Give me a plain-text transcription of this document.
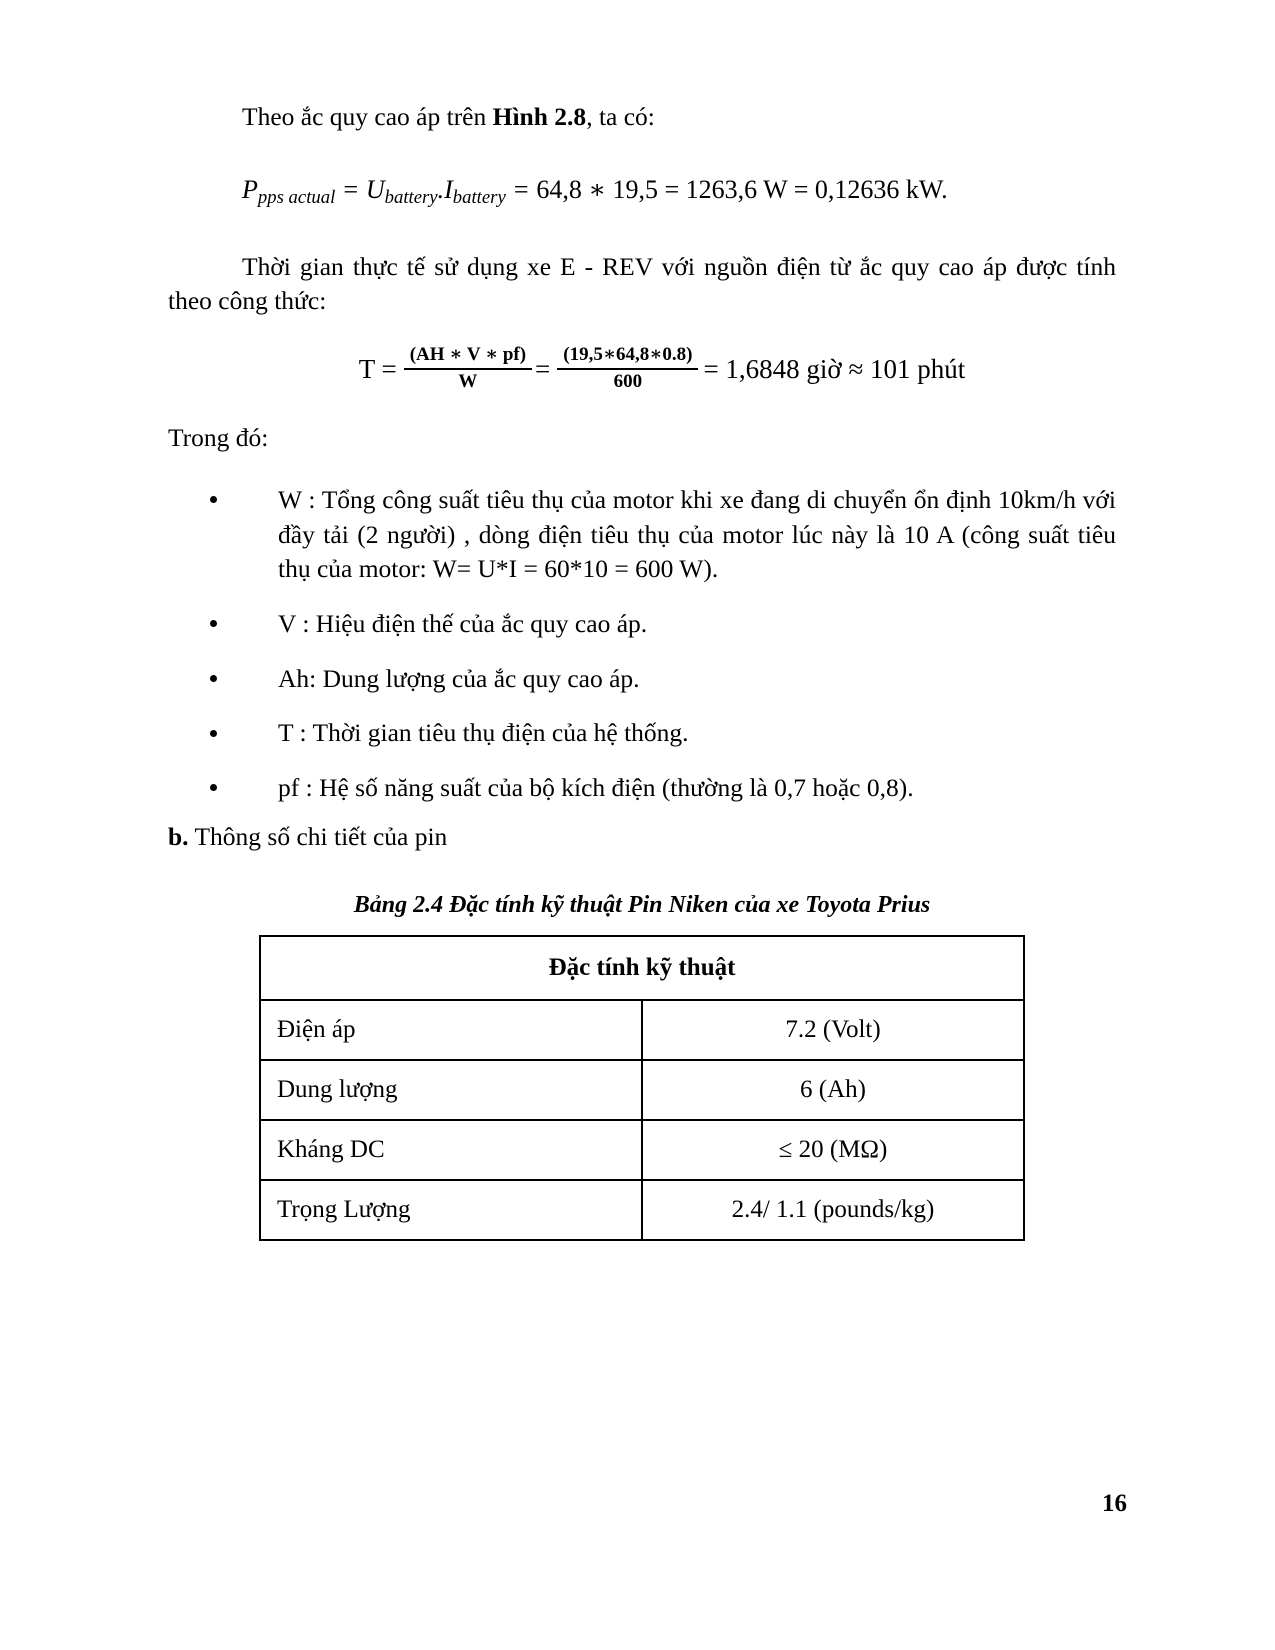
Theo ắc quy cao áp trên Hình 2.8, ta có:

$P_{pps actual} = U_{battery}.I_{battery} = 64,8$ ∗ 19,5 = 1263,6 W = 0,12636 kW.

Thời gian thực tế sử dụng xe E - REV với nguồn điện từ ắc quy cao áp được tính theo công thức:

$T = \frac{(AH ∗ V ∗ pf)}{W} = \frac{(19,5∗64,8∗0.8)}{600} = 1,6848$ giờ ≈ 101 phút

Trong đó:

W : Tổng công suất tiêu thụ của motor khi xe đang di chuyển ổn định 10km/h với đầy tải (2 người) , dòng điện tiêu thụ của motor lúc này là 10 A (công suất tiêu thụ của motor: W= U*I = 60*10 = 600 W).
V : Hiệu điện thế của ắc quy cao áp.
Ah: Dung lượng của ắc quy cao áp.
T : Thời gian tiêu thụ điện của hệ thống.
pf : Hệ số năng suất của bộ kích điện (thường là 0,7 hoặc 0,8).

b. Thông số chi tiết của pin

Bảng 2.4 Đặc tính kỹ thuật Pin Niken của xe Toyota Prius

Đặc tính kỹ thuật	
Điện áp	7.2 (Volt)
Dung lượng	6 (Ah)
Kháng DC	≤ 20 (MΩ)
Trọng Lượng	2.4/ 1.1 (pounds/kg)
16
